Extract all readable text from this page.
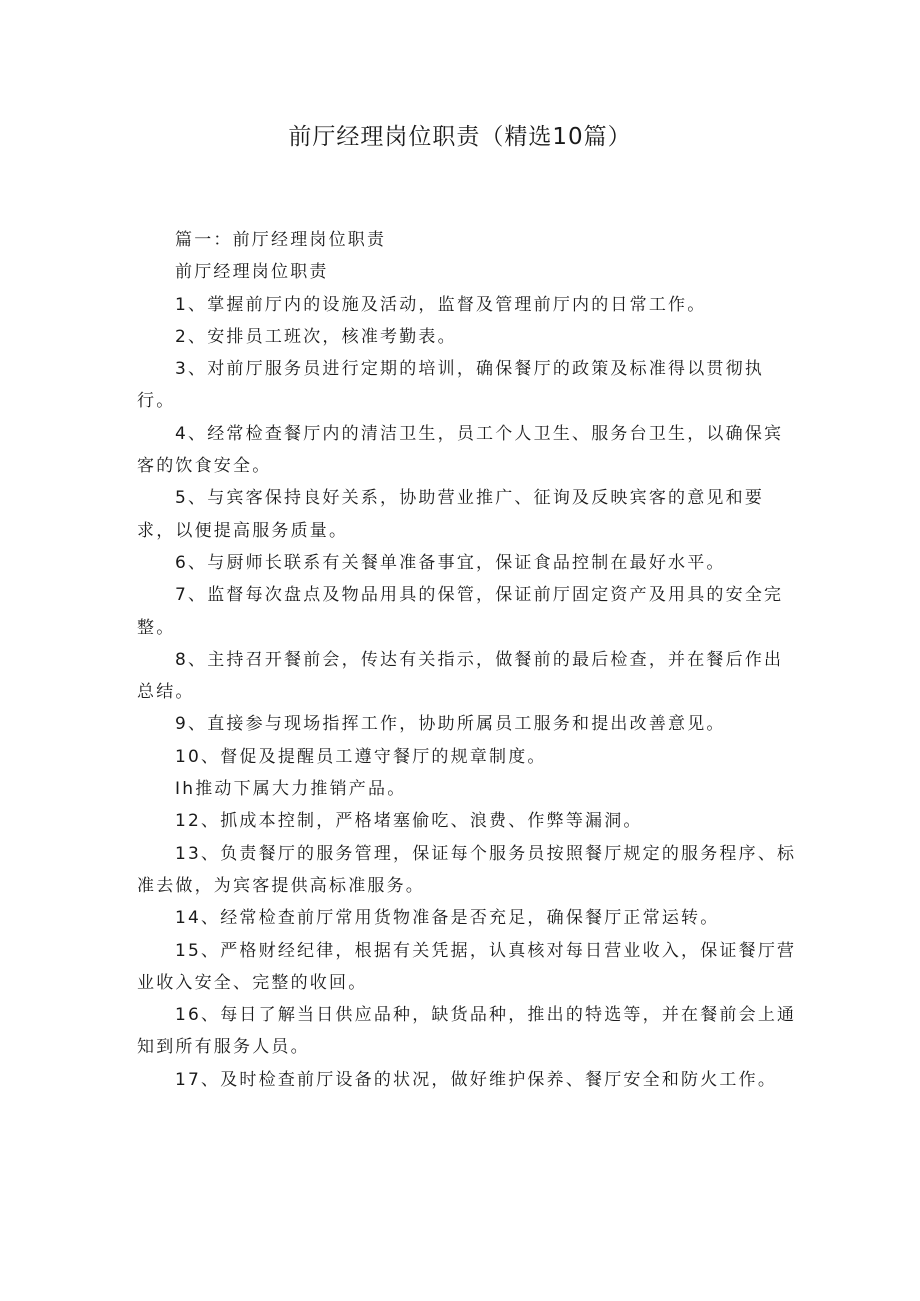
前厅经理岗位职责（精选10篇）

篇一：前厅经理岗位职责

前厅经理岗位职责

1、掌握前厅内的设施及活动，监督及管理前厅内的日常工作。

2、安排员工班次，核准考勤表。

3、对前厅服务员进行定期的培训，确保餐厅的政策及标准得以贯彻执行。

4、经常检查餐厅内的清洁卫生，员工个人卫生、服务台卫生，以确保宾客的饮食安全。

5、与宾客保持良好关系，协助营业推广、征询及反映宾客的意见和要求，以便提高服务质量。

6、与厨师长联系有关餐单准备事宜，保证食品控制在最好水平。

7、监督每次盘点及物品用具的保管，保证前厅固定资产及用具的安全完整。

8、主持召开餐前会，传达有关指示，做餐前的最后检查，并在餐后作出总结。

9、直接参与现场指挥工作，协助所属员工服务和提出改善意见。

10、督促及提醒员工遵守餐厅的规章制度。

Ih推动下属大力推销产品。

12、抓成本控制，严格堵塞偷吃、浪费、作弊等漏洞。

13、负责餐厅的服务管理，保证每个服务员按照餐厅规定的服务程序、标准去做，为宾客提供高标准服务。

14、经常检查前厅常用货物准备是否充足，确保餐厅正常运转。

15、严格财经纪律，根据有关凭据，认真核对每日营业收入，保证餐厅营业收入安全、完整的收回。

16、每日了解当日供应品种，缺货品种，推出的特选等，并在餐前会上通知到所有服务人员。

17、及时检查前厅设备的状况，做好维护保养、餐厅安全和防火工作。
